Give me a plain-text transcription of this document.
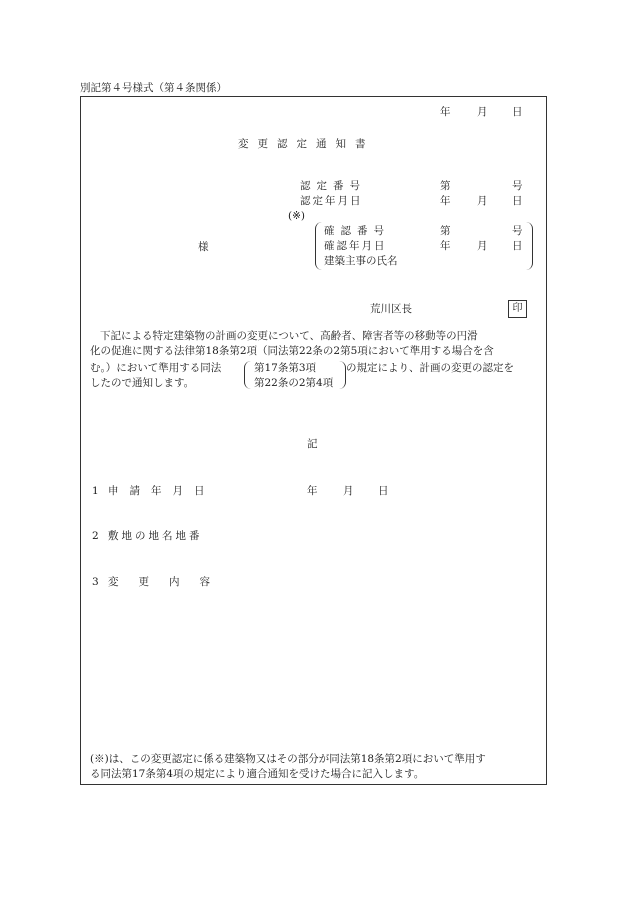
別記第４号様式（第４条関係）
年	月 日
変更認定通知書
認定番号	第	号
認定年月日	年	月 日
(※)
確認番号	第	号
確認年月日	年	月 日
建築主事の氏名
様
荒川区長	印
下記による特定建築物の計画の変更について、高齢者、障害者等の移動等の円滑
化の促進に関する法律第18条第2項（同法第22条の2第5項において準用する場合を含
む。）において準用する同法	第17条第3項
第22条の2第4項
の規定により、計画の変更の認定を
したので通知します。
記
1 申請年月日	年 月 日
2 敷地の地名地番
3 変更内容
(※)は、この変更認定に係る建築物又はその部分が同法第18条第2項において準用す
る同法第17条第4項の規定により適合通知を受けた場合に記入します。
